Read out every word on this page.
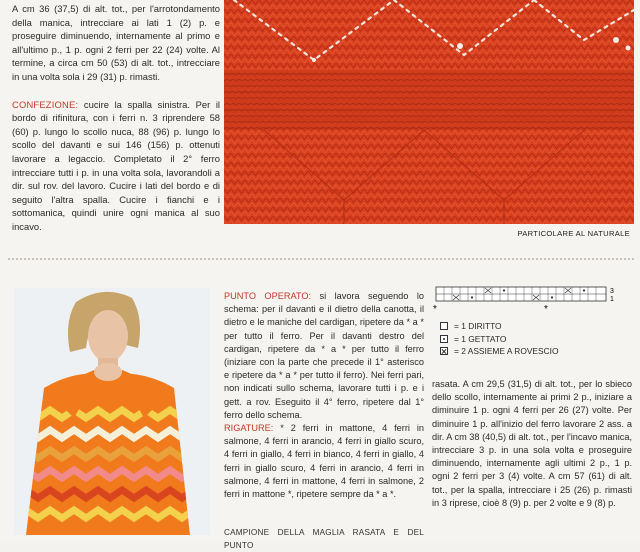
A cm 36 (37,5) di alt. tot., per l'arrotondamento della manica, intrecciare ai lati 1 (2) p. e proseguire diminuendo, internamente al primo e all'ultimo p., 1 p. ogni 2 ferri per 22 (24) volte. Al termine, a circa cm 50 (53) di alt. tot., intrecciare in una volta sola i 29 (31) p. rimasti.

CONFEZIONE: cucire la spalla sinistra. Per il bordo di rifinitura, con i ferri n. 3 riprendere 58 (60) p. lungo lo scollo nuca, 88 (96) p. lungo lo scollo del davanti e sui 146 (156) p. ottenuti lavorare a legaccio. Completato il 2° ferro intrecciare tutti i p. in una volta sola, lavorandoli a dir. sul rov. del lavoro. Cucire i lati del bordo e di seguito l'altra spalla. Cucire i fianchi e i sottomanica, quindi unire ogni manica al suo incavo.

PARTICOLARE AL NATURALE

PUNTO OPERATO: si lavora seguendo lo schema: per il davanti e il dietro della canotta, il dietro e le maniche del cardigan, ripetere da * a * per tutto il ferro. Per il davanti destro del cardigan, ripetere da * a * per tutto il ferro (iniziare con la parte che precede il 1° asterisco e ripetere da * a * per tutto il ferro). Nei ferri pari, non indicati sullo schema, lavorare tutti i p. e i gett. a rov. Eseguito il 4° ferro, ripetere dal 1° ferro dello schema.

RIGATURE: * 2 ferri in mattone, 4 ferri in salmone, 4 ferri in arancio, 4 ferri in giallo scuro, 4 ferri in giallo, 4 ferri in bianco, 4 ferri in giallo, 4 ferri in giallo scuro, 4 ferri in arancio, 4 ferri in salmone, 4 ferri in mattone, 4 ferri in salmone, 2 ferri in mattone *, ripetere sempre da * a *.

CAMPIONE DELLA MAGLIA RASATA E DEL PUNTO
3
1
*	*
= 1 DIRITTO
= 1 GETTATO
= 2 ASSIEME A ROVESCIO

rasata. A cm 29,5 (31,5) di alt. tot., per lo sbieco dello scollo, internamente ai primi 2 p., iniziare a diminuire 1 p. ogni 4 ferri per 26 (27) volte. Per diminuire 1 p. all'inizio del ferro lavorare 2 ass. a dir. A cm 38 (40,5) di alt. tot., per l'incavo manica, intrecciare 3 p. in una sola volta e proseguire diminuendo, internamente agli ultimi 2 p., 1 p. ogni 2 ferri per 3 (4) volte. A cm 57 (61) di alt. tot., per la spalla, intrecciare i 25 (26) p. rimasti in 3 riprese, cioè 8 (9) p. per 2 volte e 9 (8) p.
